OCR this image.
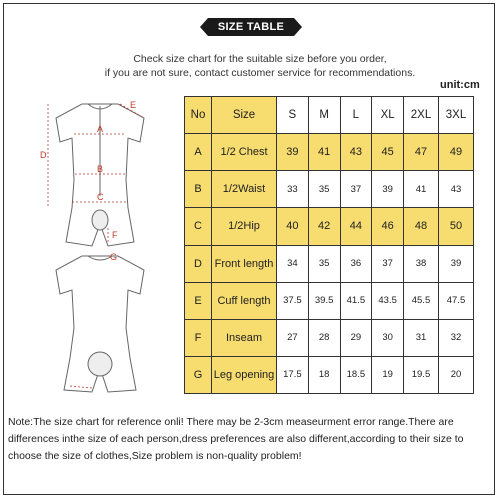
SIZE TABLE
Check size chart for the suitable size before you order,
if you are not sure, contact customer service for recommendations.
unit:cm
A
B
C
D
E
F
G
No	Size	S	M	L	XL	2XL	3XL
A	1/2 Chest	39	41	43	45	47	49
B	1/2Waist	33	35	37	39	41	43
C	1/2Hip	40	42	44	46	48	50
D	Front length	34	35	36	37	38	39
E	Cuff length	37.5	39.5	41.5	43.5	45.5	47.5
F	Inseam	27	28	29	30	31	32
G	Leg opening	17.5	18	18.5	19	19.5	20
Note:The size chart for reference onli! There may be 2-3cm measeurment error range.There are differences inthe size of each person,dress preferences are also different,according to their size to choose the size of clothes,Size problem is non-quality problem!
